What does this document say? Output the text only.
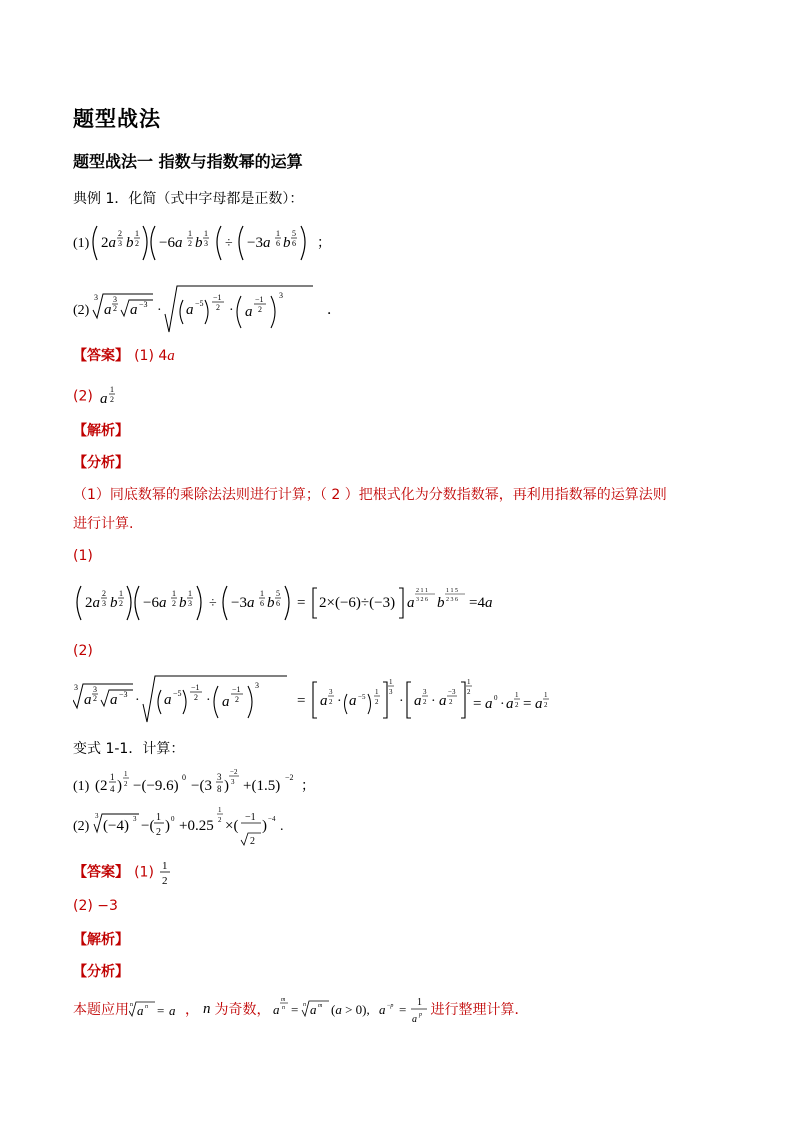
题型战法
题型战法一 指数与指数幂的运算
典例 1．化简（式中字母都是正数）：
(1) 2a
2
3 b
1
2 −6a
1
2 b
1
3 ÷ −3a
1
6 b
5
6 ；
(2)
3
a
3
2 a −3 · a −5
−1
2 · a
−1
2
3
．
【答案】 (1) 4a
(2) a
1
2
【解析】
【分析】
（1）同底数幂的乘除法法则进行计算；（ 2 ）把根式化为分数指数幂，再利用指数幂的运算法则
进行计算.
(1)
2a
2
3 b
1
2 −6a
1
2 b
1
3 ÷ −3a
1
6 b
5
6 = 2×(−6)÷(−3) a
2 1 1
3 2 6 b
1 1 5
2 3 6 =4a
(2)
3
a
3
2 a −3 · a −5
−1
2 · a
−1
2
3
= a
3
2 · a −5
1
2
1
3
· a
3
2 · a
−3
2
1
2
= a 0 · a
1
2 = a
1
2
变式 1-1．计算：
(1) (2
1
4 )
1
2 −(−9.6)
0
−(3
3
8 )
−2
3 +(1.5)
−2
；
(2)
3
(−4) 3 −(
1
2 ) 0 +0.25
1
2 ×(
−1
2
) −4 .
【答案】 (1) 1
2
(2) −3
【解析】
【分析】
本题应用 n a n = a ， n 为奇数， a
m
n = n a m (a > 0), a −p = 1
a p 进行整理计算．
